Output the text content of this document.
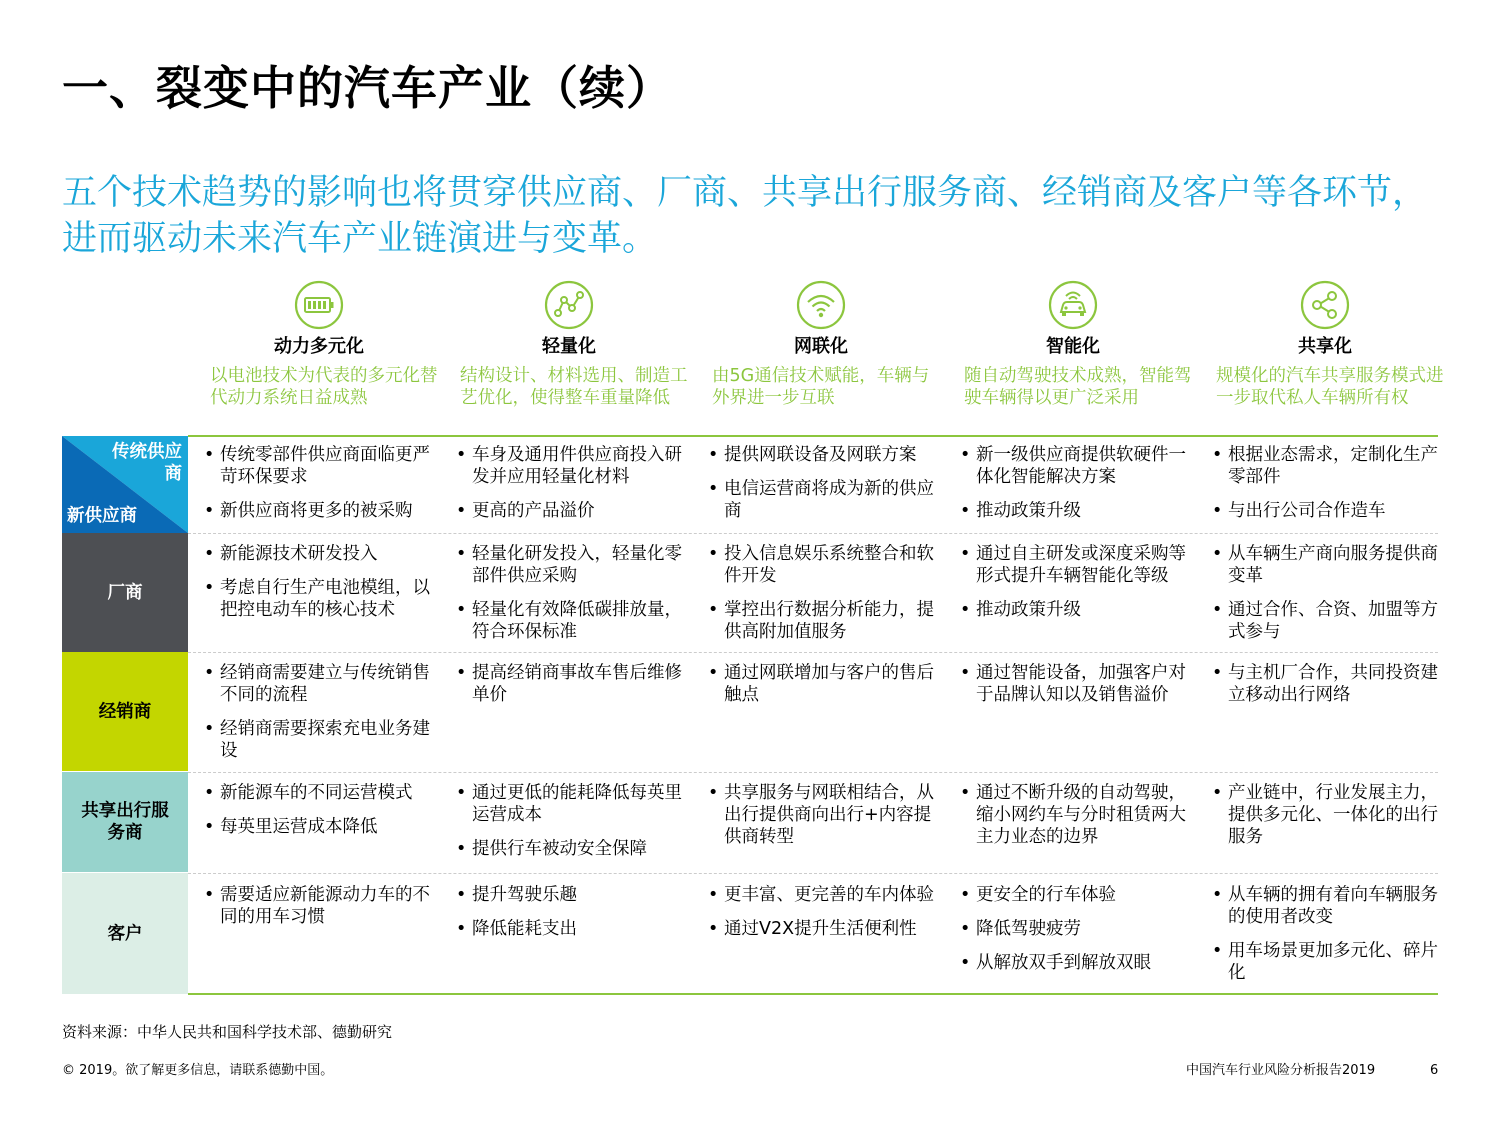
一、裂变中的汽车产业（续）

五个技术趋势的影响也将贯穿供应商、厂商、共享出行服务商、经销商及客户等各环节，进而驱动未来汽车产业链演进与变革。

动力多元化
以电池技术为代表的多元化替代动力系统日益成熟
轻量化
结构设计、材料选用、制造工艺优化，使得整车重量降低
网联化
由5G通信技术赋能，车辆与外界进一步互联
智能化
随自动驾驶技术成熟，智能驾驶车辆得以更广泛采用
共享化
规模化的汽车共享服务模式进一步取代私人车辆所有权
传统供应商
新供应商
• 传统零部件供应商面临更严苛环保要求
• 新供应商将更多的被采购
• 车身及通用件供应商投入研发并应用轻量化材料
• 更高的产品溢价
• 提供网联设备及网联方案
• 电信运营商将成为新的供应商
• 新一级供应商提供软硬件一体化智能解决方案
• 推动政策升级
• 根据业态需求，定制化生产零部件
• 与出行公司合作造车
厂商
• 新能源技术研发投入
• 考虑自行生产电池模组，以把控电动车的核心技术
• 轻量化研发投入，轻量化零部件供应采购
• 轻量化有效降低碳排放量，符合环保标准
• 投入信息娱乐系统整合和软件开发
• 掌控出行数据分析能力，提供高附加值服务
• 通过自主研发或深度采购等形式提升车辆智能化等级
• 推动政策升级
• 从车辆生产商向服务提供商变革
• 通过合作、合资、加盟等方式参与
经销商
• 经销商需要建立与传统销售不同的流程
• 经销商需要探索充电业务建设
• 提高经销商事故车售后维修单价
• 通过网联增加与客户的售后触点
• 通过智能设备，加强客户对于品牌认知以及销售溢价
• 与主机厂合作，共同投资建立移动出行网络
共享出行服务商
• 新能源车的不同运营模式
• 每英里运营成本降低
• 通过更低的能耗降低每英里运营成本
• 提供行车被动安全保障
• 共享服务与网联相结合，从出行提供商向出行+内容提供商转型
• 通过不断升级的自动驾驶，缩小网约车与分时租赁两大主力业态的边界
• 产业链中，行业发展主力，提供多元化、一体化的出行服务
客户
• 需要适应新能源动力车的不同的用车习惯
• 提升驾驶乐趣
• 降低能耗支出
• 更丰富、更完善的车内体验
• 通过V2X提升生活便利性
• 更安全的行车体验
• 降低驾驶疲劳
• 从解放双手到解放双眼
• 从车辆的拥有着向车辆服务的使用者改变
• 用车场景更加多元化、碎片化
资料来源：中华人民共和国科学技术部、德勤研究
© 2019。欲了解更多信息，请联系德勤中国。	中国汽车行业风险分析报告2019	6
